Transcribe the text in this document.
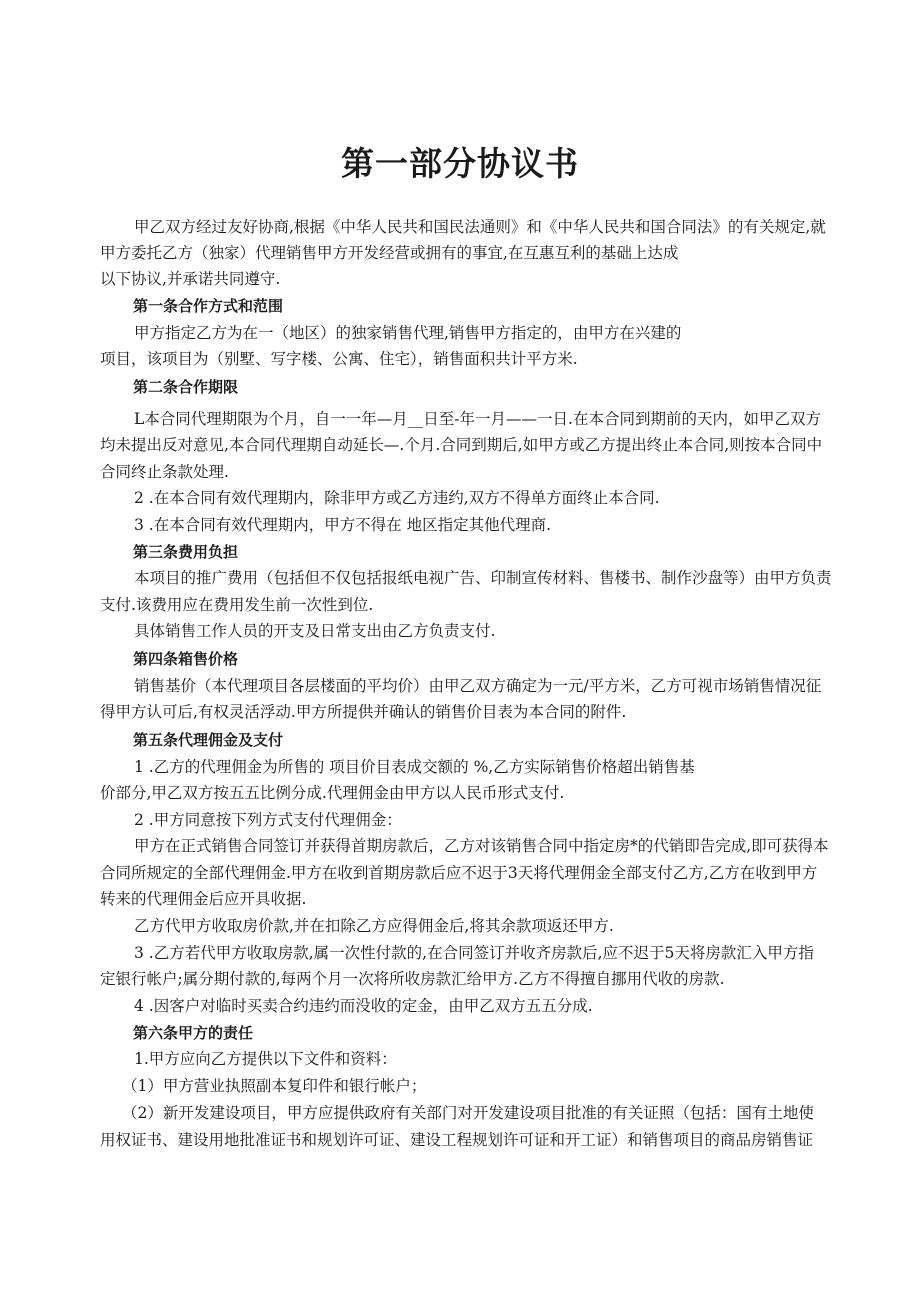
第一部分协议书

甲乙双方经过友好协商,根据《中华人民共和国民法通则》和《中华人民共和国合同法》的有关规定,就

甲方委托乙方（独家）代理销售甲方开发经营或拥有的事宜,在互惠互利的基础上达成

以下协议,并承诺共同遵守.

第一条合作方式和范围

甲方指定乙方为在一（地区）的独家销售代理,销售甲方指定的，由甲方在兴建的

项目，该项目为（别墅、写字楼、公寓、住宅），销售面积共计平方米.

第二条合作期限

L本合同代理期限为个月，自一一年—月__日至-年一月——一日.在本合同到期前的天内，如甲乙双方

均未提出反对意见,本合同代理期自动延长—.个月.合同到期后,如甲方或乙方提出终止本合同,则按本合同中

合同终止条款处理.

2 .在本合同有效代理期内，除非甲方或乙方违约,双方不得单方面终止本合同.

3 .在本合同有效代理期内，甲方不得在 地区指定其他代理商.

第三条费用负担

本项目的推广费用（包括但不仅包括报纸电视广告、印制宣传材料、售楼书、制作沙盘等）由甲方负责

支付.该费用应在费用发生前一次性到位.

具体销售工作人员的开支及日常支出由乙方负责支付.

第四条箱售价格

销售基价（本代理项目各层楼面的平均价）由甲乙双方确定为一元/平方米，乙方可视市场销售情况征

得甲方认可后,有权灵活浮动.甲方所提供并确认的销售价目表为本合同的附件.

第五条代理佣金及支付

1 .乙方的代理佣金为所售的 项目价目表成交额的 %,乙方实际销售价格超出销售基

价部分,甲乙双方按五五比例分成.代理佣金由甲方以人民币形式支付.

2 .甲方同意按下列方式支付代理佣金：

甲方在正式销售合同签订并获得首期房款后，乙方对该销售合同中指定房*的代销即告完成,即可获得本

合同所规定的全部代理佣金.甲方在收到首期房款后应不迟于3天将代理佣金全部支付乙方,乙方在收到甲方

转来的代理佣金后应开具收据.

乙方代甲方收取房价款,并在扣除乙方应得佣金后,将其余款项返还甲方.

3 .乙方若代甲方收取房款,属一次性付款的,在合同签订并收齐房款后,应不迟于5天将房款汇入甲方指

定银行帐户;属分期付款的,每两个月一次将所收房款汇给甲方.乙方不得擅自挪用代收的房款.

4 .因客户对临时买卖合约违约而没收的定金，由甲乙双方五五分成.

第六条甲方的责任

1.甲方应向乙方提供以下文件和资料：

（1）甲方营业执照副本复印件和银行帐户；

（2）新开发建设项目，甲方应提供政府有关部门对开发建设项目批准的有关证照（包括：国有土地使

用权证书、建设用地批准证书和规划许可证、建设工程规划许可证和开工证）和销售项目的商品房销售证
